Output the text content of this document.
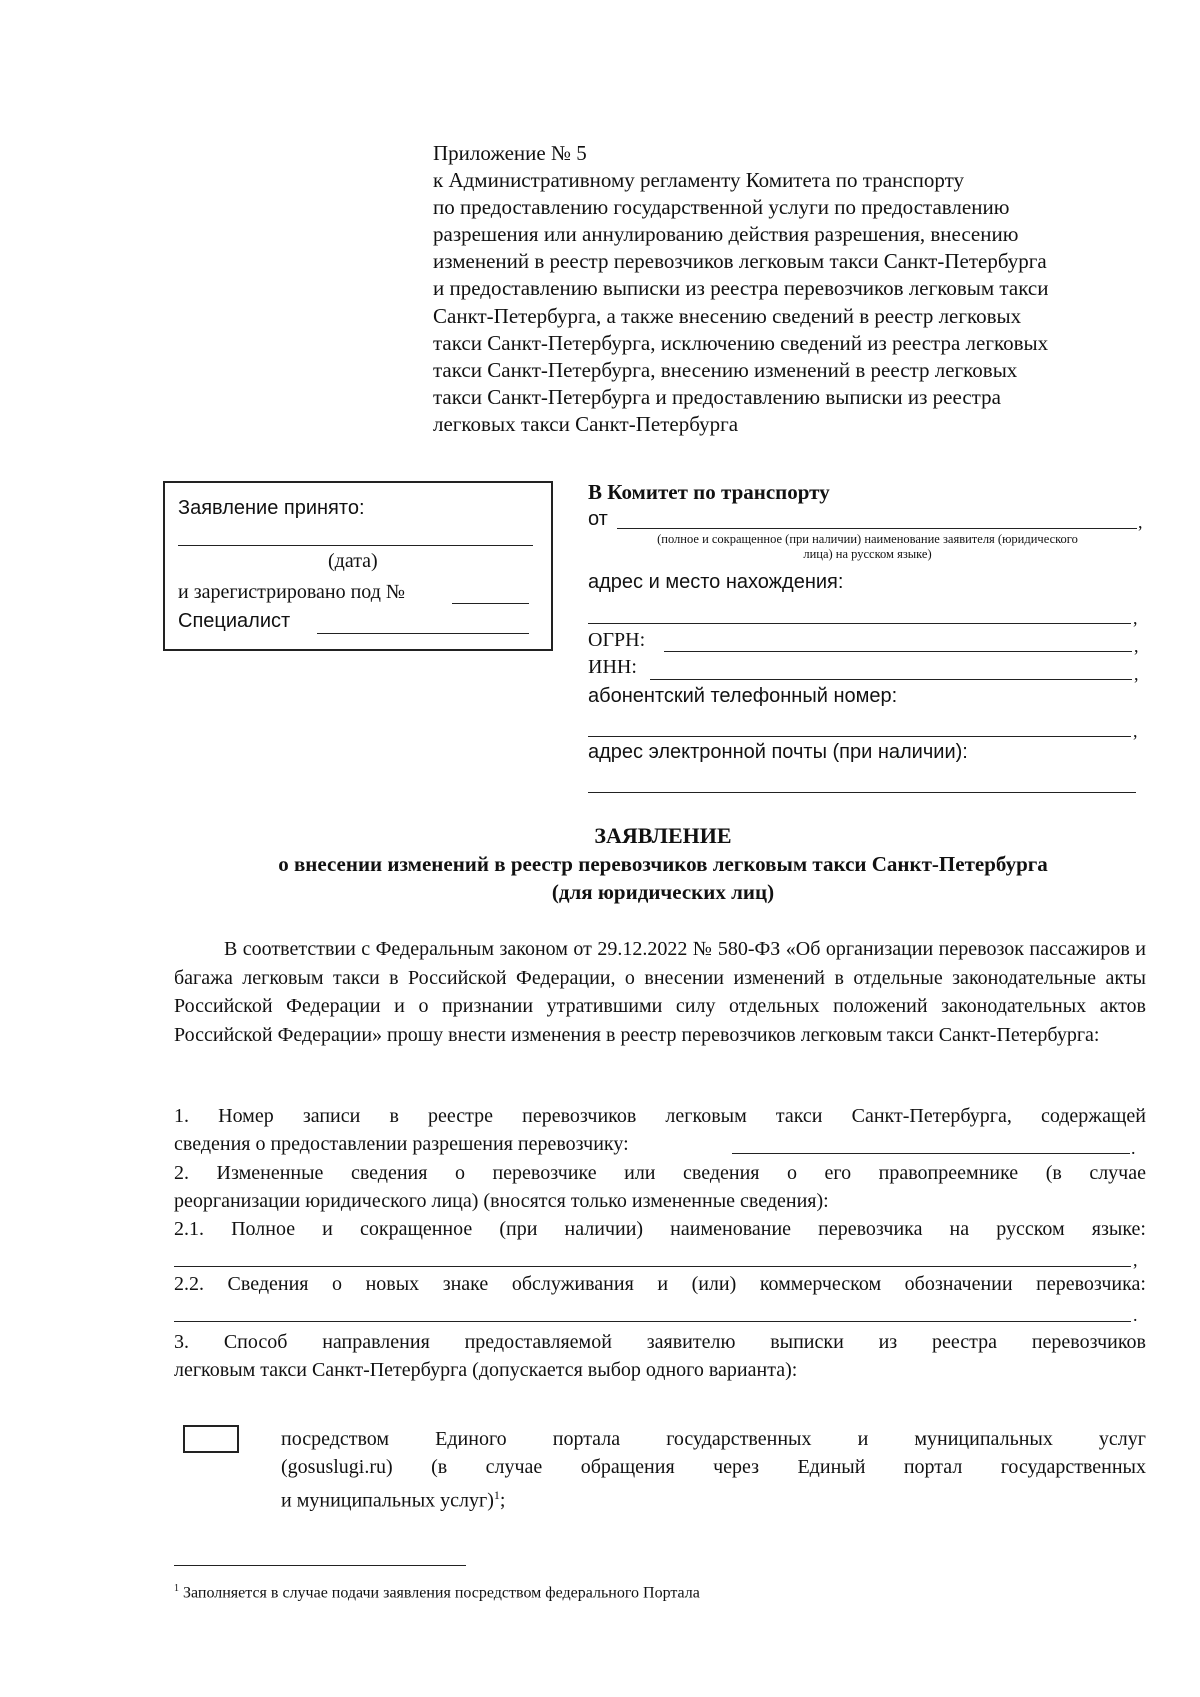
Приложение № 5
к Административному регламенту Комитета по транспорту
по предоставлению государственной услуги по предоставлению
разрешения или аннулированию действия разрешения, внесению
изменений в реестр перевозчиков легковым такси Санкт-Петербурга
и предоставлению выписки из реестра перевозчиков легковым такси
Санкт-Петербурга, а также внесению сведений в реестр легковых
такси Санкт-Петербурга, исключению сведений из реестра легковых
такси Санкт-Петербурга, внесению изменений в реестр легковых
такси Санкт-Петербурга и предоставлению выписки из реестра
легковых такси Санкт-Петербурга
Заявление принято:
(дата)
и зарегистрировано под №
Специалист
В Комитет по транспорту
от	,
(полное и сокращенное (при наличии) наименование заявителя (юридического
лица) на русском языке)
адрес и место нахождения:
,
ОГРН:	,
ИНН:	,
абонентский телефонный номер:
,
адрес электронной почты (при наличии):
ЗАЯВЛЕНИЕ
о внесении изменений в реестр перевозчиков легковым такси Санкт-Петербурга
(для юридических лиц)

В соответствии с Федеральным законом от 29.12.2022 № 580-ФЗ «Об организации перевозок пассажиров и багажа легковым такси в Российской Федерации, о внесении изменений в отдельные законодательные акты Российской Федерации и о признании утратившими силу отдельных положений законодательных актов Российской Федерации» прошу внести изменения в реестр перевозчиков легковым такси Санкт-Петербурга:

1. Номер записи в реестре перевозчиков легковым такси Санкт-Петербурга, содержащей
сведения о предоставлении разрешения перевозчику:	.
2. Измененные сведения о перевозчике или сведения о его правопреемнике (в случае
реорганизации юридического лица) (вносятся только измененные сведения):
2.1. Полное и сокращенное (при наличии) наименование перевозчика на русском языке:
,
2.2. Сведения о новых знаке обслуживания и (или) коммерческом обозначении перевозчика:
.
3. Способ направления предоставляемой заявителю выписки из реестра перевозчиков
легковым такси Санкт-Петербурга (допускается выбор одного варианта):
посредством Единого портала государственных и муниципальных услуг
(gosuslugi.ru) (в случае обращения через Единый портал государственных
и муниципальных услуг)$^1$;
$^1$ Заполняется в случае подачи заявления посредством федерального Портала
